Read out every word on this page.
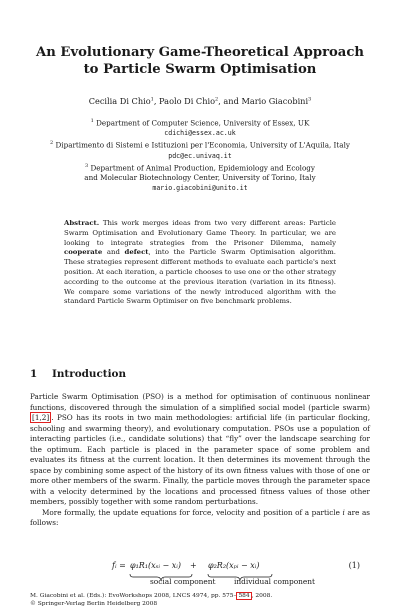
An Evolutionary Game-Theoretical Approach
to Particle Swarm Optimisation
Cecilia Di Chio$^1$, Paolo Di Chio$^2$, and Mario Giacobini$^3$
$^1$ Department of Computer Science, University of Essex, UK
cdichi@essex.ac.uk
$^2$ Dipartimento di Sistemi e Istituzioni per l'Economia, University of L'Aquila, Italy
pdc@ec.univaq.it
$^3$ Department of Animal Production, Epidemiology and Ecology
and Molecular Biotechnology Center, University of Torino, Italy
mario.giacobini@unito.it
Abstract. This work merges ideas from two very different areas: Particle Swarm Optimisation and Evolutionary Game Theory. In particular, we are looking to integrate strategies from the Prisoner Dilemma, namely cooperate and defect, into the Particle Swarm Optimisation algorithm. These strategies represent different methods to evaluate each particle's next position. At each iteration, a particle chooses to use one or the other strategy according to the outcome at the previous iteration (variation in its fitness). We compare some variations of the newly introduced algorithm with the standard Particle Swarm Optimiser on five benchmark problems.
1 Introduction

Particle Swarm Optimisation (PSO) is a method for optimisation of continuous nonlinear functions, discovered through the simulation of a simplified social model (particle swarm) [1,2] . PSO has its roots in two main methodologies: artificial life (in particular flocking, schooling and swarming theory), and evolutionary computation. PSOs use a population of interacting particles (i.e., candidate solutions) that “fly” over the landscape searching for the optimum. Each particle is placed in the parameter space of some problem and evaluates its fitness at the current location. It then determines its movement through the space by combining some aspect of the history of its own fitness values with those of one or more other members of the swarm. Finally, the particle moves through the parameter space with a velocity determined by the locations and processed fitness values of those other members, possibly together with some random perturbations.

More formally, the update equations for force, velocity and position of a particle i are as follows:

fᵢ = φ₁R₁(xₛᵢ − xᵢ) + φ₂R₂(xₚᵢ − xᵢ)
social component individual component
(1)
M. Giacobini et al. (Eds.): EvoWorkshops 2008, LNCS 4974, pp. 575– 584 , 2008.
© Springer-Verlag Berlin Heidelberg 2008
